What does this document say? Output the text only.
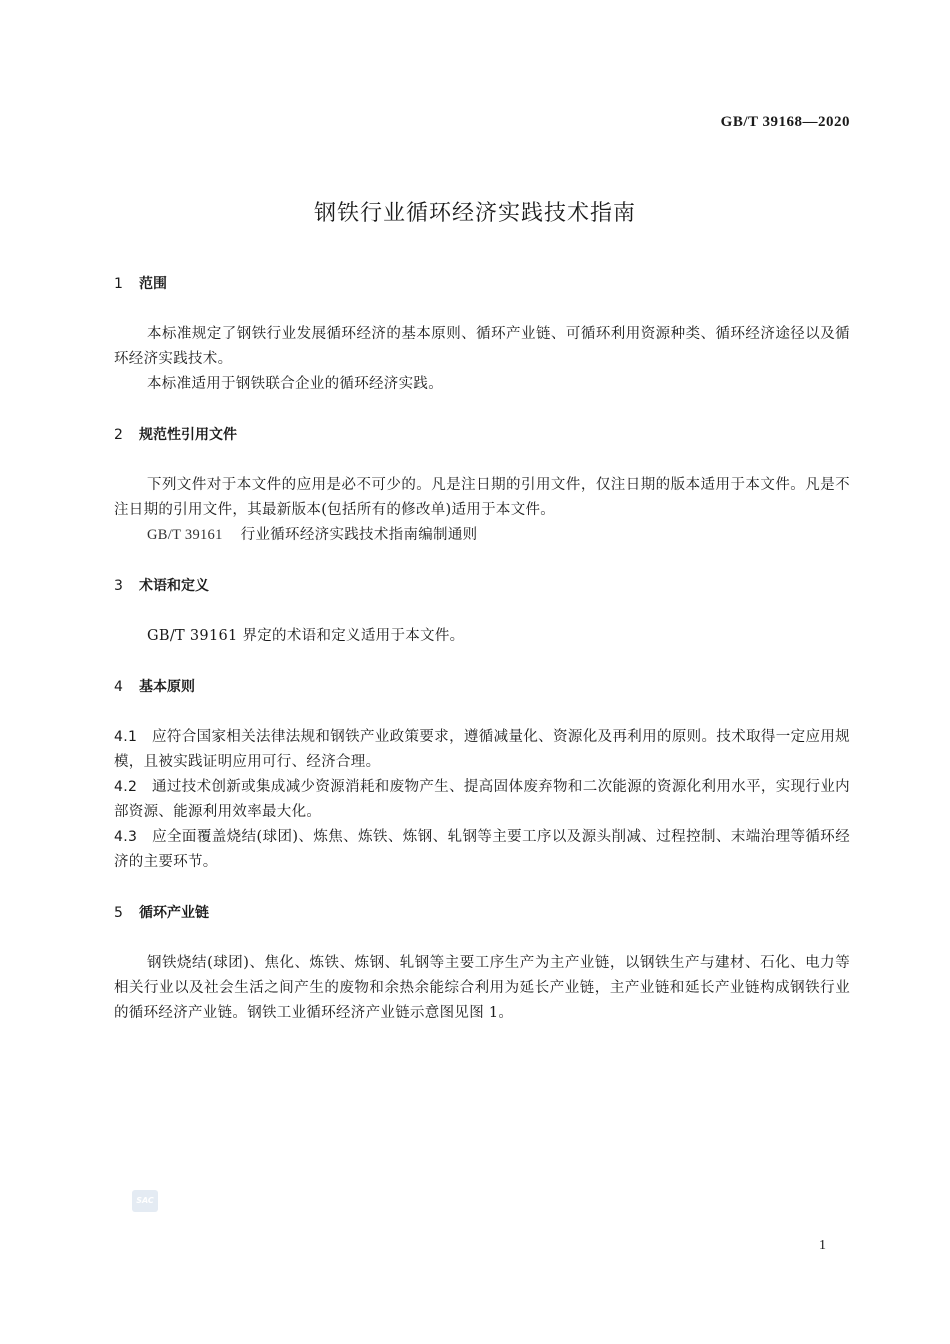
GB/T 39168—2020
钢铁行业循环经济实践技术指南
1 范围
本标准规定了钢铁行业发展循环经济的基本原则、循环产业链、可循环利用资源种类、循环经济途径以及循环经济实践技术。
本标准适用于钢铁联合企业的循环经济实践。
2 规范性引用文件
下列文件对于本文件的应用是必不可少的。凡是注日期的引用文件，仅注日期的版本适用于本文件。凡是不注日期的引用文件，其最新版本(包括所有的修改单)适用于本文件。
GB/T 39161 行业循环经济实践技术指南编制通则
3 术语和定义
GB/T 39161 界定的术语和定义适用于本文件。
4 基本原则
4.1 应符合国家相关法律法规和钢铁产业政策要求，遵循减量化、资源化及再利用的原则。技术取得一定应用规模，且被实践证明应用可行、经济合理。
4.2 通过技术创新或集成减少资源消耗和废物产生、提高固体废弃物和二次能源的资源化利用水平，实现行业内部资源、能源利用效率最大化。
4.3 应全面覆盖烧结(球团)、炼焦、炼铁、炼钢、轧钢等主要工序以及源头削减、过程控制、末端治理等循环经济的主要环节。
5 循环产业链
钢铁烧结(球团)、焦化、炼铁、炼钢、轧钢等主要工序生产为主产业链，以钢铁生产与建材、石化、电力等相关行业以及社会生活之间产生的废物和余热余能综合利用为延长产业链，主产业链和延长产业链构成钢铁行业的循环经济产业链。钢铁工业循环经济产业链示意图见图 1。
SAC
1
